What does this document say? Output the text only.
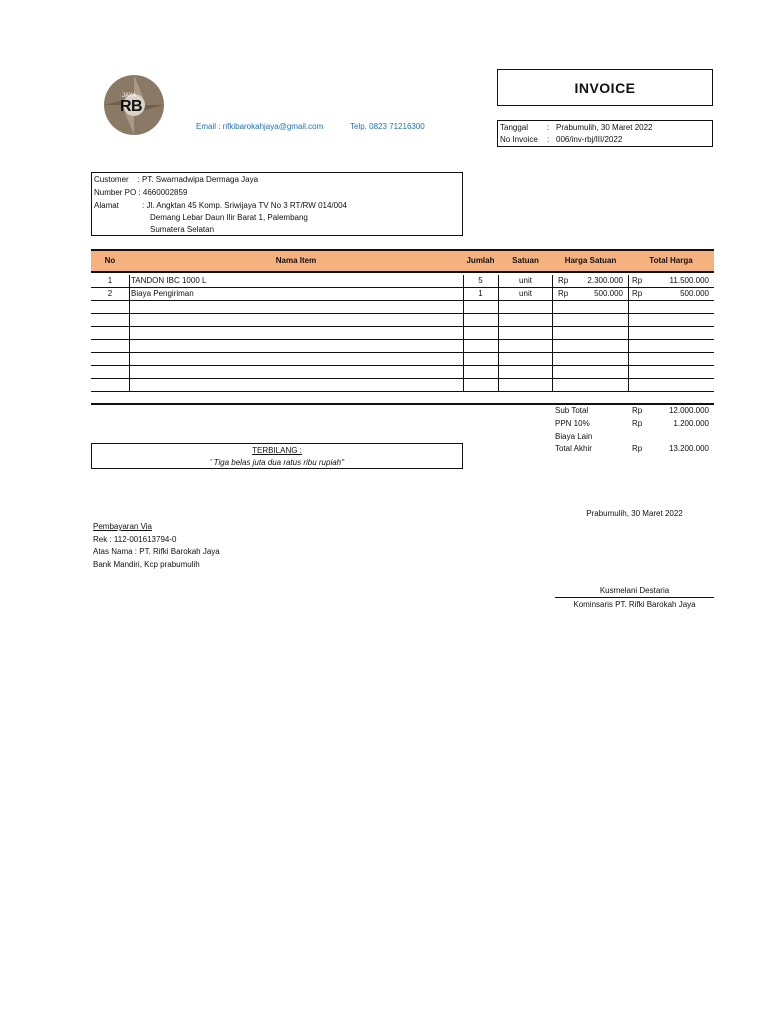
JAYA
RB
Email : rifkibarokahjaya@gmail.com	Telp. 0823 71216300
INVOICE
Tanggal : Prabumulih, 30 Maret 2022
No Invoice : 006/inv-rbj/III/2022
Customer    : PT. Swarnadwipa Dermaga Jaya
Number PO : 4660002859
Alamat	: Jl. Angktan 45 Komp. Sriwijaya TV No 3 RT/RW 014/004
Demang Lebar Daun Ilir Barat 1, Palembang
Sumatera Selatan
No	Nama Item	Jumlah	Satuan	Harga Satuan	Total Harga
1	TANDON IBC 1000 L	5	unit	Rp	2.300.000 Rp	11.500.000
2	Biaya Pengiriman	1	unit	Rp	500.000 Rp	500.000
Sub Total	Rp	12.000.000
PPN 10%	Rp	1.200.000
Biaya Lain
Total Akhir	Rp	13.200.000
TERBILANG :
' Tiga belas juta dua ratus ribu rupiah''
Prabumulih, 30 Maret 2022
Pembayaran Via
Rek : 112-001613794-0
Atas Nama : PT. Rifki Barokah Jaya
Bank Mandiri, Kcp prabumulih
Kusmelani Destaria
Kominsaris PT. Rifki Barokah Jaya
